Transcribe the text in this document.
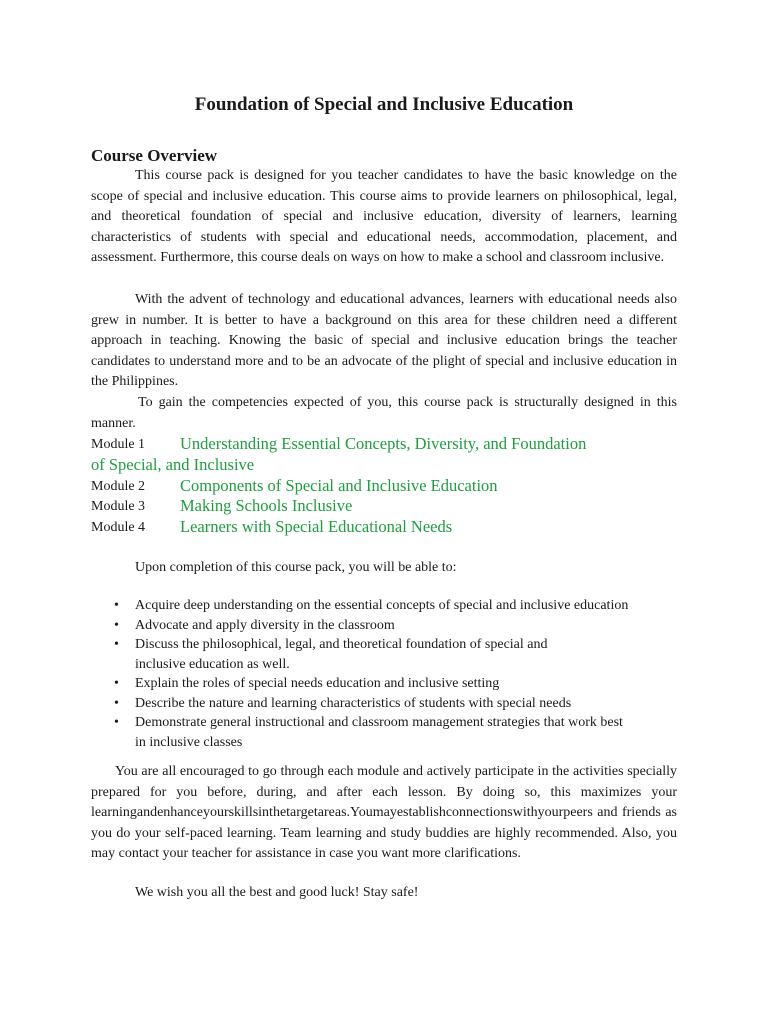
Foundation of Special and Inclusive Education
Course Overview

This course pack is designed for you teacher candidates to have the basic knowledge on the scope of special and inclusive education. This course aims to provide learners on philosophical, legal, and theoretical foundation of special and inclusive education, diversity of learners, learning characteristics of students with special and educational needs, accommodation, placement, and assessment. Furthermore, this course deals on ways on how to make a school and classroom inclusive.

With the advent of technology and educational advances, learners with educational needs also grew in number. It is better to have a background on this area for these children need a different approach in teaching. Knowing the basic of special and inclusive education brings the teacher candidates to understand more and to be an advocate of the plight of special and inclusive education in the Philippines.

To gain the competencies expected of you, this course pack is structurally designed in this manner.

Module 1 Understanding Essential Concepts, Diversity, and Foundation
of Special, and Inclusive
Module 2 Components of Special and Inclusive Education
Module 3 Making Schools Inclusive
Module 4 Learners with Special Educational Needs

Upon completion of this course pack, you will be able to:

• Acquire deep understanding on the essential concepts of special and inclusive education
• Advocate and apply diversity in the classroom
• Discuss the philosophical, legal, and theoretical foundation of special and
inclusive education as well.
• Explain the roles of special needs education and inclusive setting
• Describe the nature and learning characteristics of students with special needs
• Demonstrate general instructional and classroom management strategies that work best
in inclusive classes

You are all encouraged to go through each module and actively participate in the activities specially prepared for you before, during, and after each lesson. By doing so, this maximizes your learningandenhanceyourskillsinthetargetareas.Youmayestablishconnectionswithyourpeers and friends as you do your self-paced learning. Team learning and study buddies are highly recommended. Also, you may contact your teacher for assistance in case you want more clarifications.

We wish you all the best and good luck! Stay safe!
